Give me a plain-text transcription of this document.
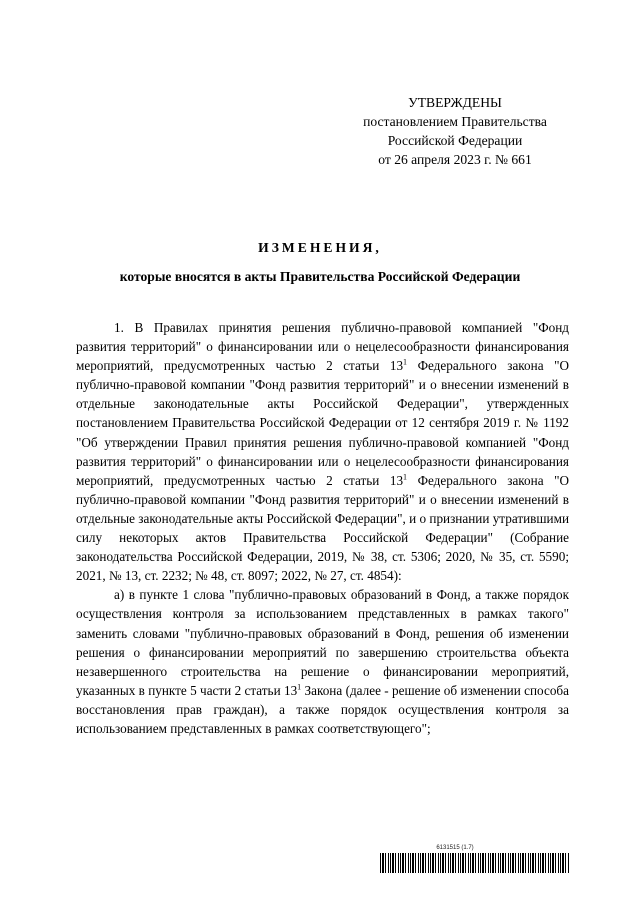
УТВЕРЖДЕНЫ
постановлением Правительства
Российской Федерации
от 26 апреля 2023 г. № 661
ИЗМЕНЕНИЯ,
которые вносятся в акты Правительства Российской Федерации

1. В Правилах принятия решения публично-правовой компанией "Фонд развития территорий" о финансировании или о нецелесообразности финансирования мероприятий, предусмотренных частью 2 статьи $13^1$ Федерального закона "О публично-правовой компании "Фонд развития территорий" и о внесении изменений в отдельные законодательные акты Российской Федерации", утвержденных постановлением Правительства Российской Федерации от 12 сентября 2019 г. № 1192 "Об утверждении Правил принятия решения публично-правовой компанией "Фонд развития территорий" о финансировании или о нецелесообразности финансирования мероприятий, предусмотренных частью 2 статьи $13^1$ Федерального закона "О публично-правовой компании "Фонд развития территорий" и о внесении изменений в отдельные законодательные акты Российской Федерации", и о признании утратившими силу некоторых актов Правительства Российской Федерации" (Собрание законодательства Российской Федерации, 2019, № 38, ст. 5306; 2020, № 35, ст. 5590; 2021, № 13, ст. 2232; № 48, ст. 8097; 2022, № 27, ст. 4854):

а) в пункте 1 слова "публично-правовых образований в Фонд, а также порядок осуществления контроля за использованием представленных в рамках такого" заменить словами "публично-правовых образований в Фонд, решения об изменении решения о финансировании мероприятий по завершению строительства объекта незавершенного строительства на решение о финансировании мероприятий, указанных в пункте 5 части 2 статьи $13^1$ Закона (далее - решение об изменении способа восстановления прав граждан), а также порядок осуществления контроля за использованием представленных в рамках соответствующего";

6131515 (1.7)
